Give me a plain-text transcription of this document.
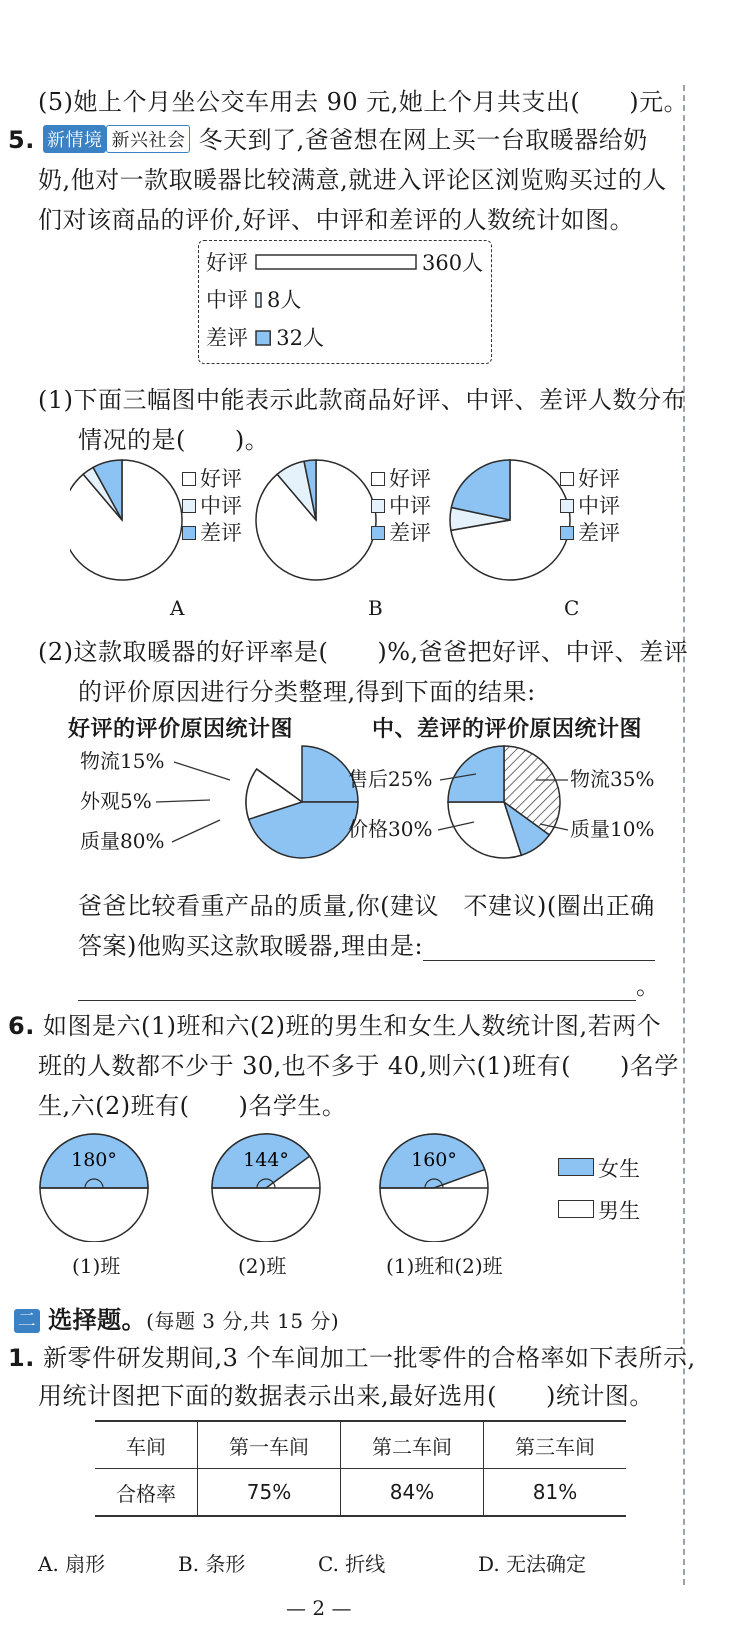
(5)她上个月坐公交车用去 90 元,她上个月共支出(　　)元。
5. 新情境 新兴社会 冬天到了,爸爸想在网上买一台取暖器给奶
奶,他对一款取暖器比较满意,就进入评论区浏览购买过的人
们对该商品的评价,好评、中评和差评的人数统计如图。
好评	360人
中评 8人
差评 32人
(1)下面三幅图中能表示此款商品好评、中评、差评人数分布
情况的是(　　)。
好评
中评
差评
好评
中评
差评
好评
中评
差评
A	B	C
(2)这款取暖器的好评率是(　　)%,爸爸把好评、中评、差评
的评价原因进行分类整理,得到下面的结果:
好评的评价原因统计图	中、差评的评价原因统计图
物流15%
外观5%
质量80%
售后25%
价格30%
物流35%
质量10%
爸爸比较看重产品的质量,你(建议　不建议)(圈出正确
答案)他购买这款取暖器,理由是:
。
6. 如图是六(1)班和六(2)班的男生和女生人数统计图,若两个
班的人数都不少于 30,也不多于 40,则六(1)班有(　　)名学
生,六(2)班有(　　)名学生。
180°	144°	160°	女生
男生
(1)班	(2)班	(1)班和(2)班
二 选择题。(每题 3 分,共 15 分)
1. 新零件研发期间,3 个车间加工一批零件的合格率如下表所示,
用统计图把下面的数据表示出来,最好选用(　　)统计图。
车间	第一车间	第二车间	第三车间
合格率	75%	84%	81%
A. 扇形	B. 条形	C. 折线	D. 无法确定
— 2 —
